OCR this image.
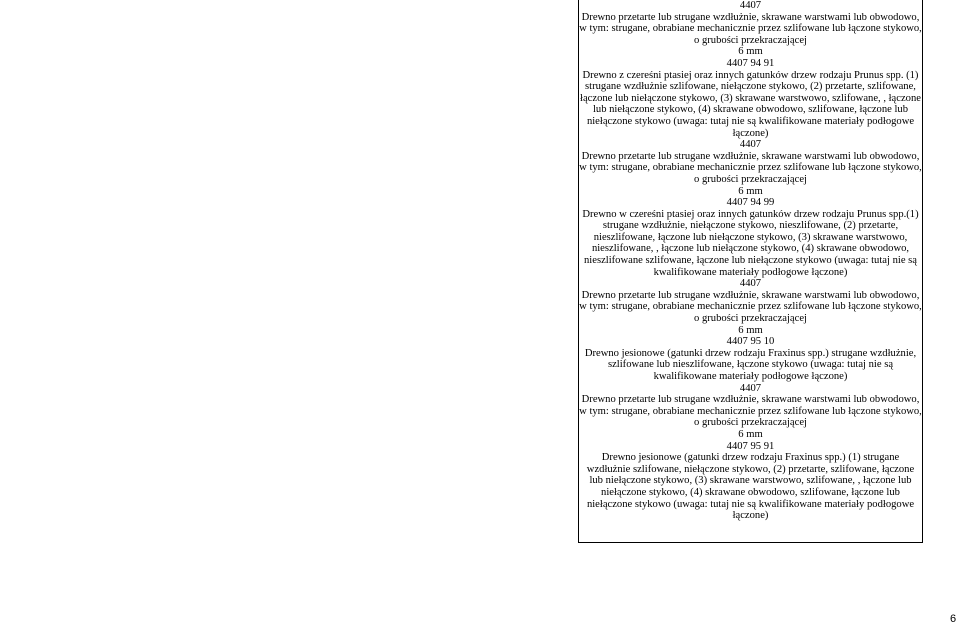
4407

Drewno przetarte lub strugane wzdłużnie, skrawane warstwami lub obwodowo, w tym: strugane, obrabiane mechanicznie przez szlifowane lub łączone stykowo, o grubości przekraczającej

6 mm

4407 94 91

Drewno z czereśni ptasiej oraz innych gatunków drzew rodzaju Prunus spp. (1) strugane wzdłużnie szlifowane, niełączone stykowo, (2) przetarte, szlifowane, łączone lub niełączone stykowo, (3) skrawane warstwowo, szlifowane, , łączone lub niełączone stykowo, (4) skrawane obwodowo, szlifowane, łączone lub niełączone stykowo (uwaga: tutaj nie są kwalifikowane materiały podłogowe łączone)

4407

Drewno przetarte lub strugane wzdłużnie, skrawane warstwami lub obwodowo, w tym: strugane, obrabiane mechanicznie przez szlifowane lub łączone stykowo, o grubości przekraczającej

6 mm

4407 94 99

Drewno w czereśni ptasiej oraz innych gatunków drzew rodzaju Prunus spp.(1) strugane wzdłużnie, niełączone stykowo, nieszlifowane, (2) przetarte, nieszlifowane, łączone lub niełączone stykowo, (3) skrawane warstwowo, nieszlifowane, , łączone lub niełączone stykowo, (4) skrawane obwodowo, nieszlifowane szlifowane, łączone lub niełączone stykowo (uwaga: tutaj nie są kwalifikowane materiały podłogowe łączone)

4407

Drewno przetarte lub strugane wzdłużnie, skrawane warstwami lub obwodowo, w tym: strugane, obrabiane mechanicznie przez szlifowane lub łączone stykowo, o grubości przekraczającej

6 mm

4407 95 10

Drewno jesionowe (gatunki drzew rodzaju Fraxinus spp.) strugane wzdłużnie, szlifowane lub nieszlifowane, łączone stykowo (uwaga: tutaj nie są kwalifikowane materiały podłogowe łączone)

4407

Drewno przetarte lub strugane wzdłużnie, skrawane warstwami lub obwodowo, w tym: strugane, obrabiane mechanicznie przez szlifowane lub łączone stykowo, o grubości przekraczającej

6 mm

4407 95 91

Drewno jesionowe (gatunki drzew rodzaju Fraxinus spp.) (1) strugane wzdłużnie szlifowane, niełączone stykowo, (2) przetarte, szlifowane, łączone lub niełączone stykowo, (3) skrawane warstwowo, szlifowane, , łączone lub niełączone stykowo, (4) skrawane obwodowo, szlifowane, łączone lub niełączone stykowo (uwaga: tutaj nie są kwalifikowane materiały podłogowe łączone)

6
